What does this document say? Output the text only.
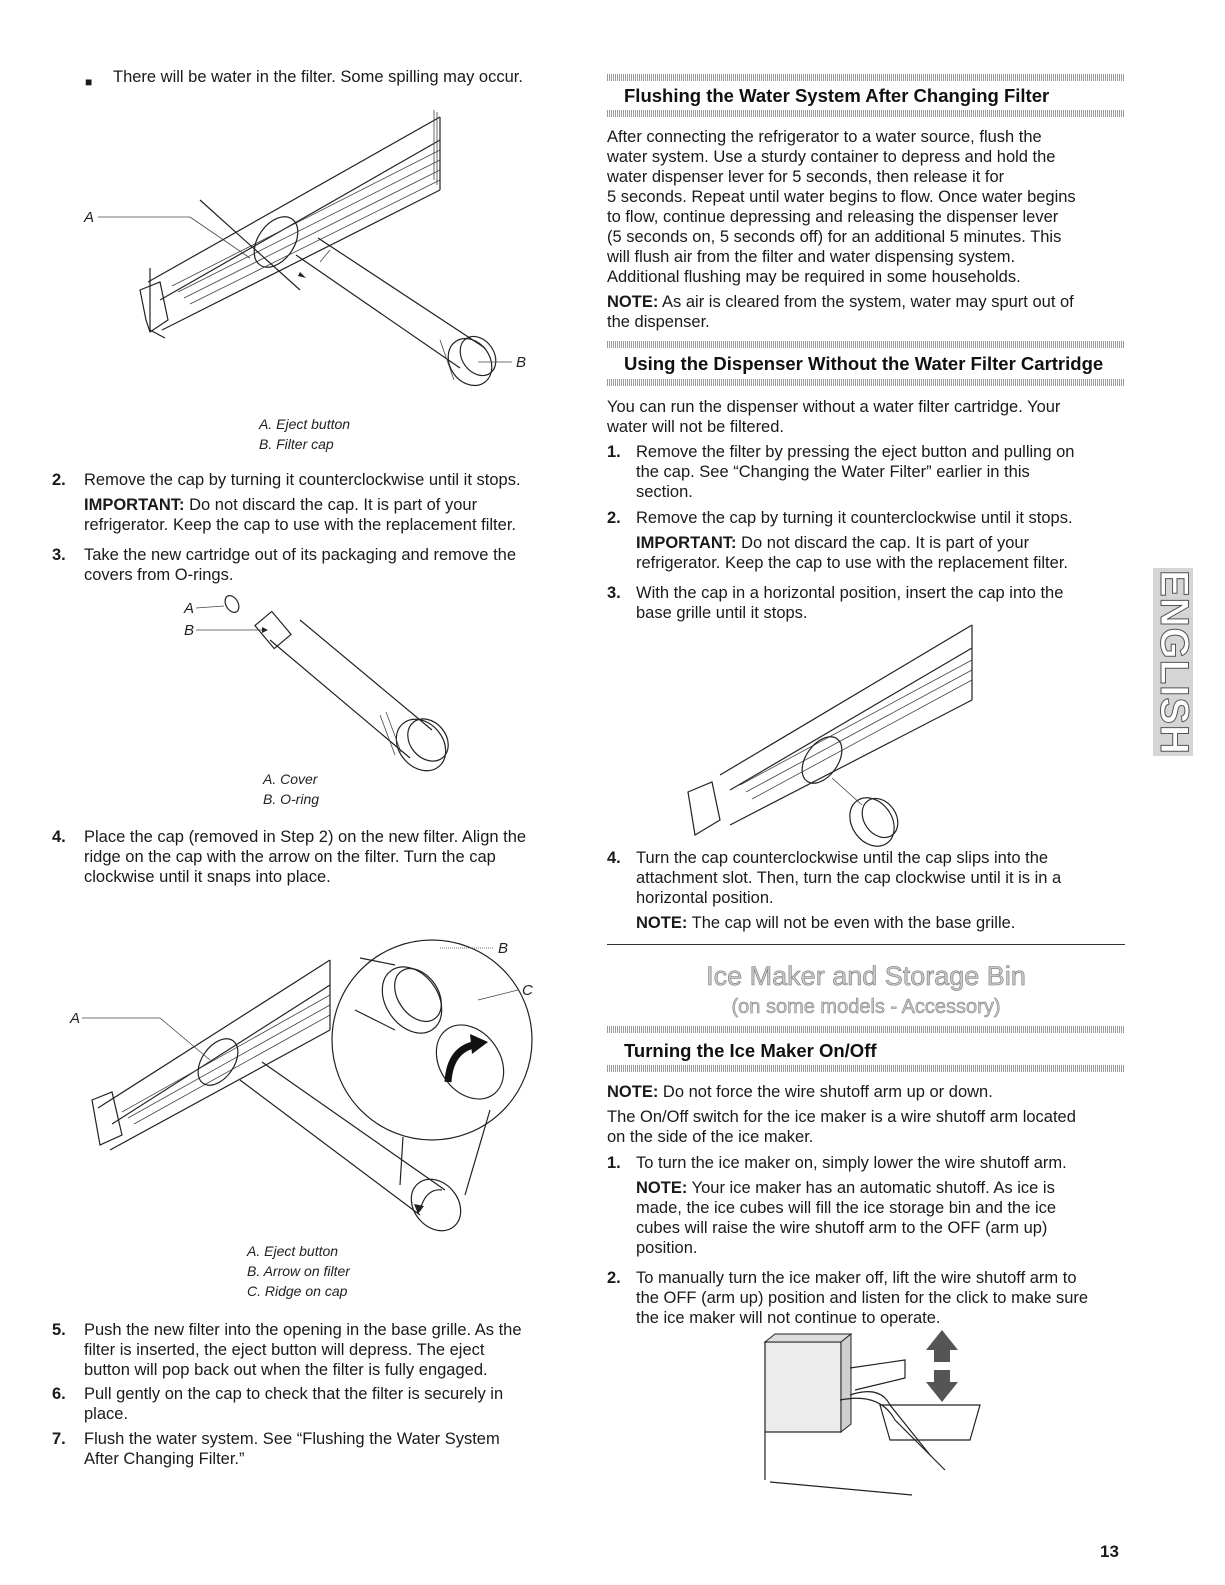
■ There will be water in the filter. Some spilling may occur.
A
B
A. Eject button
B. Filter cap
2. Remove the cap by turning it counterclockwise until it stops.
IMPORTANT: Do not discard the cap. It is part of your
refrigerator. Keep the cap to use with the replacement filter.
3. Take the new cartridge out of its packaging and remove the
covers from O-rings.
A
B
A. Cover
B. O-ring
4. Place the cap (removed in Step 2) on the new filter. Align the
ridge on the cap with the arrow on the filter. Turn the cap
clockwise until it snaps into place.
A
B
C
A. Eject button
B. Arrow on filter
C. Ridge on cap
5. Push the new filter into the opening in the base grille. As the
filter is inserted, the eject button will depress. The eject
button will pop back out when the filter is fully engaged.
6. Pull gently on the cap to check that the filter is securely in
place.
7. Flush the water system. See “Flushing the Water System
After Changing Filter.”
Flushing the Water System After Changing Filter
After connecting the refrigerator to a water source, flush the
water system. Use a sturdy container to depress and hold the
water dispenser lever for 5 seconds, then release it for
5 seconds. Repeat until water begins to flow. Once water begins
to flow, continue depressing and releasing the dispenser lever
(5 seconds on, 5 seconds off) for an additional 5 minutes. This
will flush air from the filter and water dispensing system.
Additional flushing may be required in some households.
NOTE: As air is cleared from the system, water may spurt out of
the dispenser.
Using the Dispenser Without the Water Filter Cartridge
You can run the dispenser without a water filter cartridge. Your
water will not be filtered.
1. Remove the filter by pressing the eject button and pulling on
the cap. See “Changing the Water Filter” earlier in this
section.
2. Remove the cap by turning it counterclockwise until it stops.
IMPORTANT: Do not discard the cap. It is part of your
refrigerator. Keep the cap to use with the replacement filter.
3. With the cap in a horizontal position, insert the cap into the
base grille until it stops.
4. Turn the cap counterclockwise until the cap slips into the
attachment slot. Then, turn the cap clockwise until it is in a
horizontal position.
NOTE: The cap will not be even with the base grille.
Ice Maker and Storage Bin
(on some models - Accessory)
Turning the Ice Maker On/Off
NOTE: Do not force the wire shutoff arm up or down.
The On/Off switch for the ice maker is a wire shutoff arm located
on the side of the ice maker.
1. To turn the ice maker on, simply lower the wire shutoff arm.
NOTE: Your ice maker has an automatic shutoff. As ice is
made, the ice cubes will fill the ice storage bin and the ice
cubes will raise the wire shutoff arm to the OFF (arm up)
position.
2. To manually turn the ice maker off, lift the wire shutoff arm to
the OFF (arm up) position and listen for the click to make sure
the ice maker will not continue to operate.
ENGLISH
13
